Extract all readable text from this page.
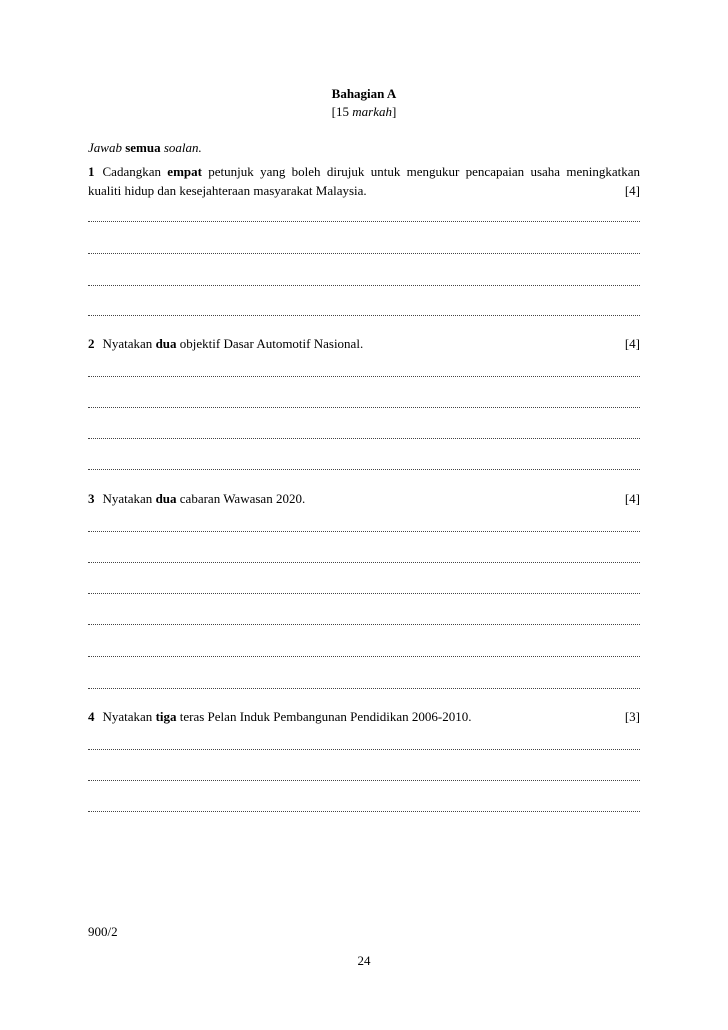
Bahagian A
[15 markah]
Jawab semua soalan.
1 Cadangkan empat petunjuk yang boleh dirujuk untuk mengukur pencapaian usaha meningkatkan kualiti hidup dan kesejahteraan masyarakat Malaysia.	[4]
2 Nyatakan dua objektif Dasar Automotif Nasional.	[4]
3 Nyatakan dua cabaran Wawasan 2020.	[4]
4 Nyatakan tiga teras Pelan Induk Pembangunan Pendidikan 2006-2010.	[3]
900/2
24
